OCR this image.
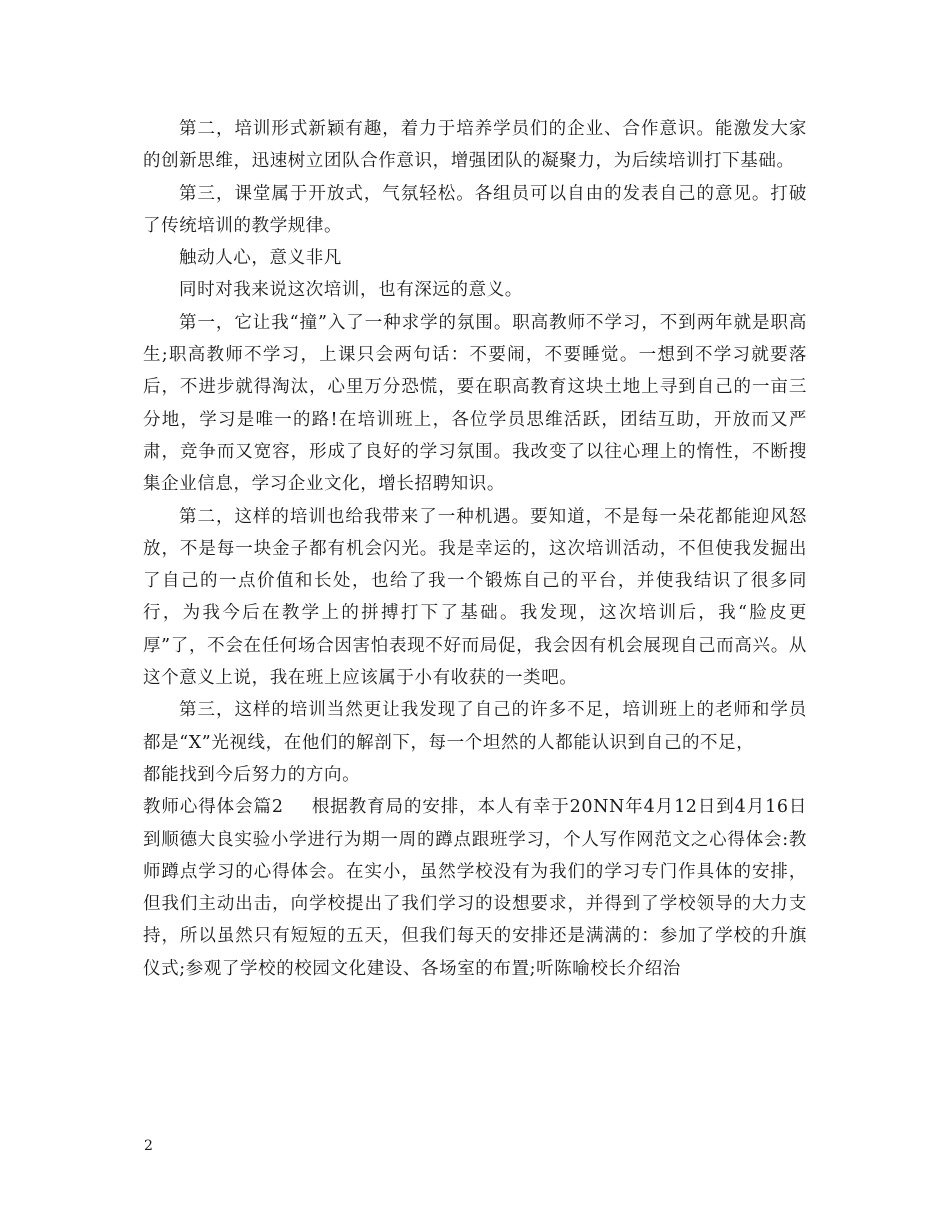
第二，培训形式新颖有趣，着力于培养学员们的企业、合作意识。能激发大家的创新思维，迅速树立团队合作意识，增强团队的凝聚力，为后续培训打下基础。

第三，课堂属于开放式，气氛轻松。各组员可以自由的发表自己的意见。打破了传统培训的教学规律。

触动人心，意义非凡

同时对我来说这次培训，也有深远的意义。

第一，它让我“撞”入了一种求学的氛围。职高教师不学习，不到两年就是职高生;职高教师不学习，上课只会两句话：不要闹，不要睡觉。一想到不学习就要落后，不进步就得淘汰，心里万分恐慌，要在职高教育这块土地上寻到自己的一亩三分地，学习是唯一的路!在培训班上，各位学员思维活跃，团结互助，开放而又严肃，竞争而又宽容，形成了良好的学习氛围。我改变了以往心理上的惰性，不断搜集企业信息，学习企业文化，增长招聘知识。

第二，这样的培训也给我带来了一种机遇。要知道，不是每一朵花都能迎风怒放，不是每一块金子都有机会闪光。我是幸运的，这次培训活动，不但使我发掘出了自己的一点价值和长处，也给了我一个锻炼自己的平台，并使我结识了很多同行，为我今后在教学上的拼搏打下了基础。我发现，这次培训后，我“脸皮更厚”了，不会在任何场合因害怕表现不好而局促，我会因有机会展现自己而高兴。从这个意义上说，我在班上应该属于小有收获的一类吧。

第三，这样的培训当然更让我发现了自己的许多不足，培训班上的老师和学员都是“X”光视线，在他们的解剖下，每一个坦然的人都能认识到自己的不足，

都能找到今后努力的方向。

教师心得体会篇2 根据教育局的安排，本人有幸于20NN年4月12日到4月16日到顺德大良实验小学进行为期一周的蹲点跟班学习，个人写作网范文之心得体会:教师蹲点学习的心得体会。在实小，虽然学校没有为我们的学习专门作具体的安排，但我们主动出击，向学校提出了我们学习的设想要求，并得到了学校领导的大力支持，所以虽然只有短短的五天，但我们每天的安排还是满满的：参加了学校的升旗仪式;参观了学校的校园文化建设、各场室的布置;听陈喻校长介绍治

2
